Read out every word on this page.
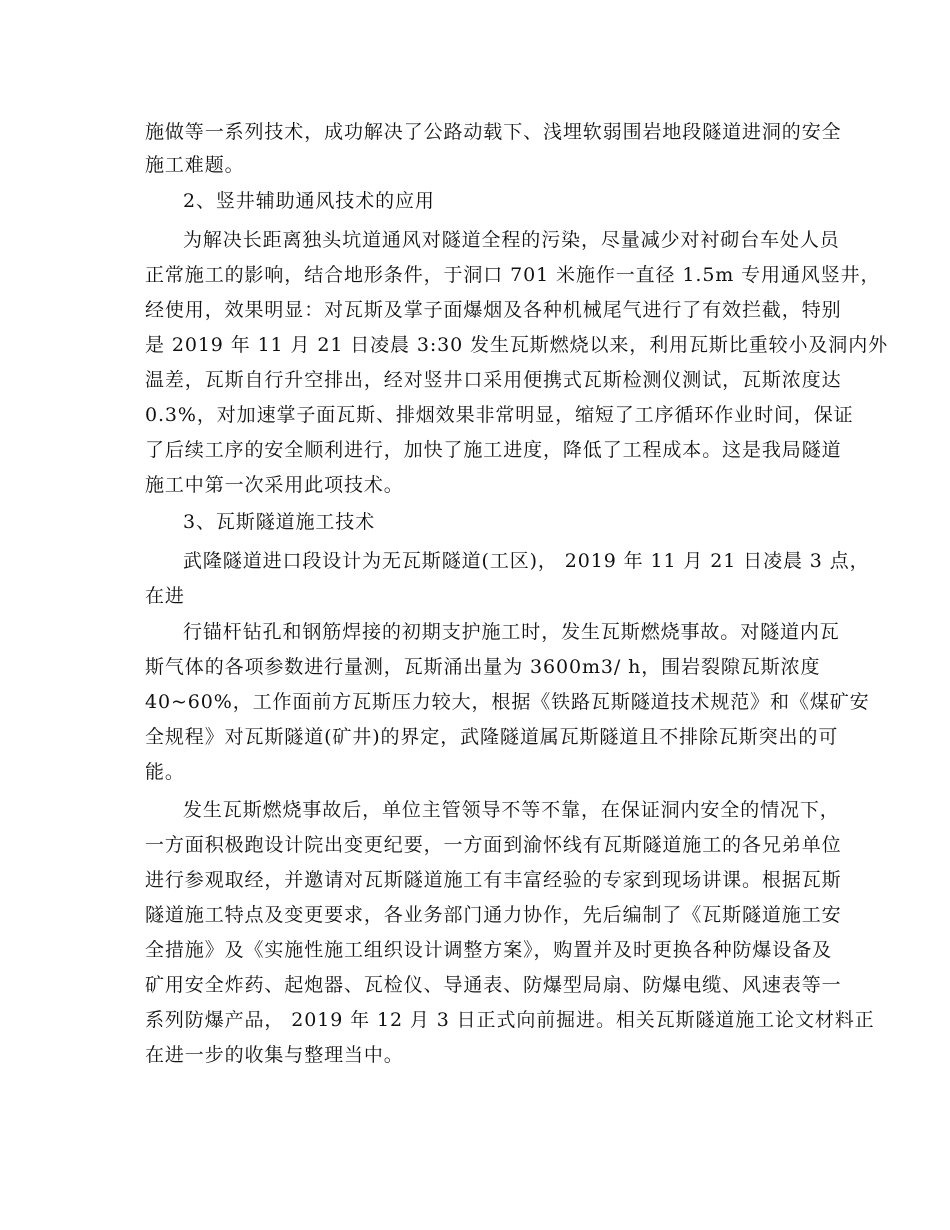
施做等一系列技术，成功解决了公路动载下、浅埋软弱围岩地段隧道进洞的安全
施工难题。
2、竖井辅助通风技术的应用
为解决长距离独头坑道通风对隧道全程的污染，尽量减少对衬砌台车处人员
正常施工的影响，结合地形条件，于洞口 701 米施作一直径 1.5m 专用通风竖井，
经使用，效果明显：对瓦斯及掌子面爆烟及各种机械尾气进行了有效拦截，特别
是 2019 年 11 月 21 日凌晨 3:30 发生瓦斯燃烧以来，利用瓦斯比重较小及洞内外
温差，瓦斯自行升空排出，经对竖井口采用便携式瓦斯检测仪测试，瓦斯浓度达
0.3%，对加速掌子面瓦斯、排烟效果非常明显，缩短了工序循环作业时间，保证
了后续工序的安全顺利进行，加快了施工进度，降低了工程成本。这是我局隧道
施工中第一次采用此项技术。
3、瓦斯隧道施工技术
武隆隧道进口段设计为无瓦斯隧道(工区)， 2019 年 11 月 21 日凌晨 3 点，
在进
行锚杆钻孔和钢筋焊接的初期支护施工时，发生瓦斯燃烧事故。对隧道内瓦
斯气体的各项参数进行量测，瓦斯涌出量为 3600m3/ h，围岩裂隙瓦斯浓度
40~60%，工作面前方瓦斯压力较大，根据《铁路瓦斯隧道技术规范》和《煤矿安
全规程》对瓦斯隧道(矿井)的界定，武隆隧道属瓦斯隧道且不排除瓦斯突出的可
能。
发生瓦斯燃烧事故后，单位主管领导不等不靠，在保证洞内安全的情况下，
一方面积极跑设计院出变更纪要，一方面到渝怀线有瓦斯隧道施工的各兄弟单位
进行参观取经，并邀请对瓦斯隧道施工有丰富经验的专家到现场讲课。根据瓦斯
隧道施工特点及变更要求，各业务部门通力协作，先后编制了《瓦斯隧道施工安
全措施》及《实施性施工组织设计调整方案》，购置并及时更换各种防爆设备及
矿用安全炸药、起炮器、瓦检仪、导通表、防爆型局扇、防爆电缆、风速表等一
系列防爆产品， 2019 年 12 月 3 日正式向前掘进。相关瓦斯隧道施工论文材料正
在进一步的收集与整理当中。
